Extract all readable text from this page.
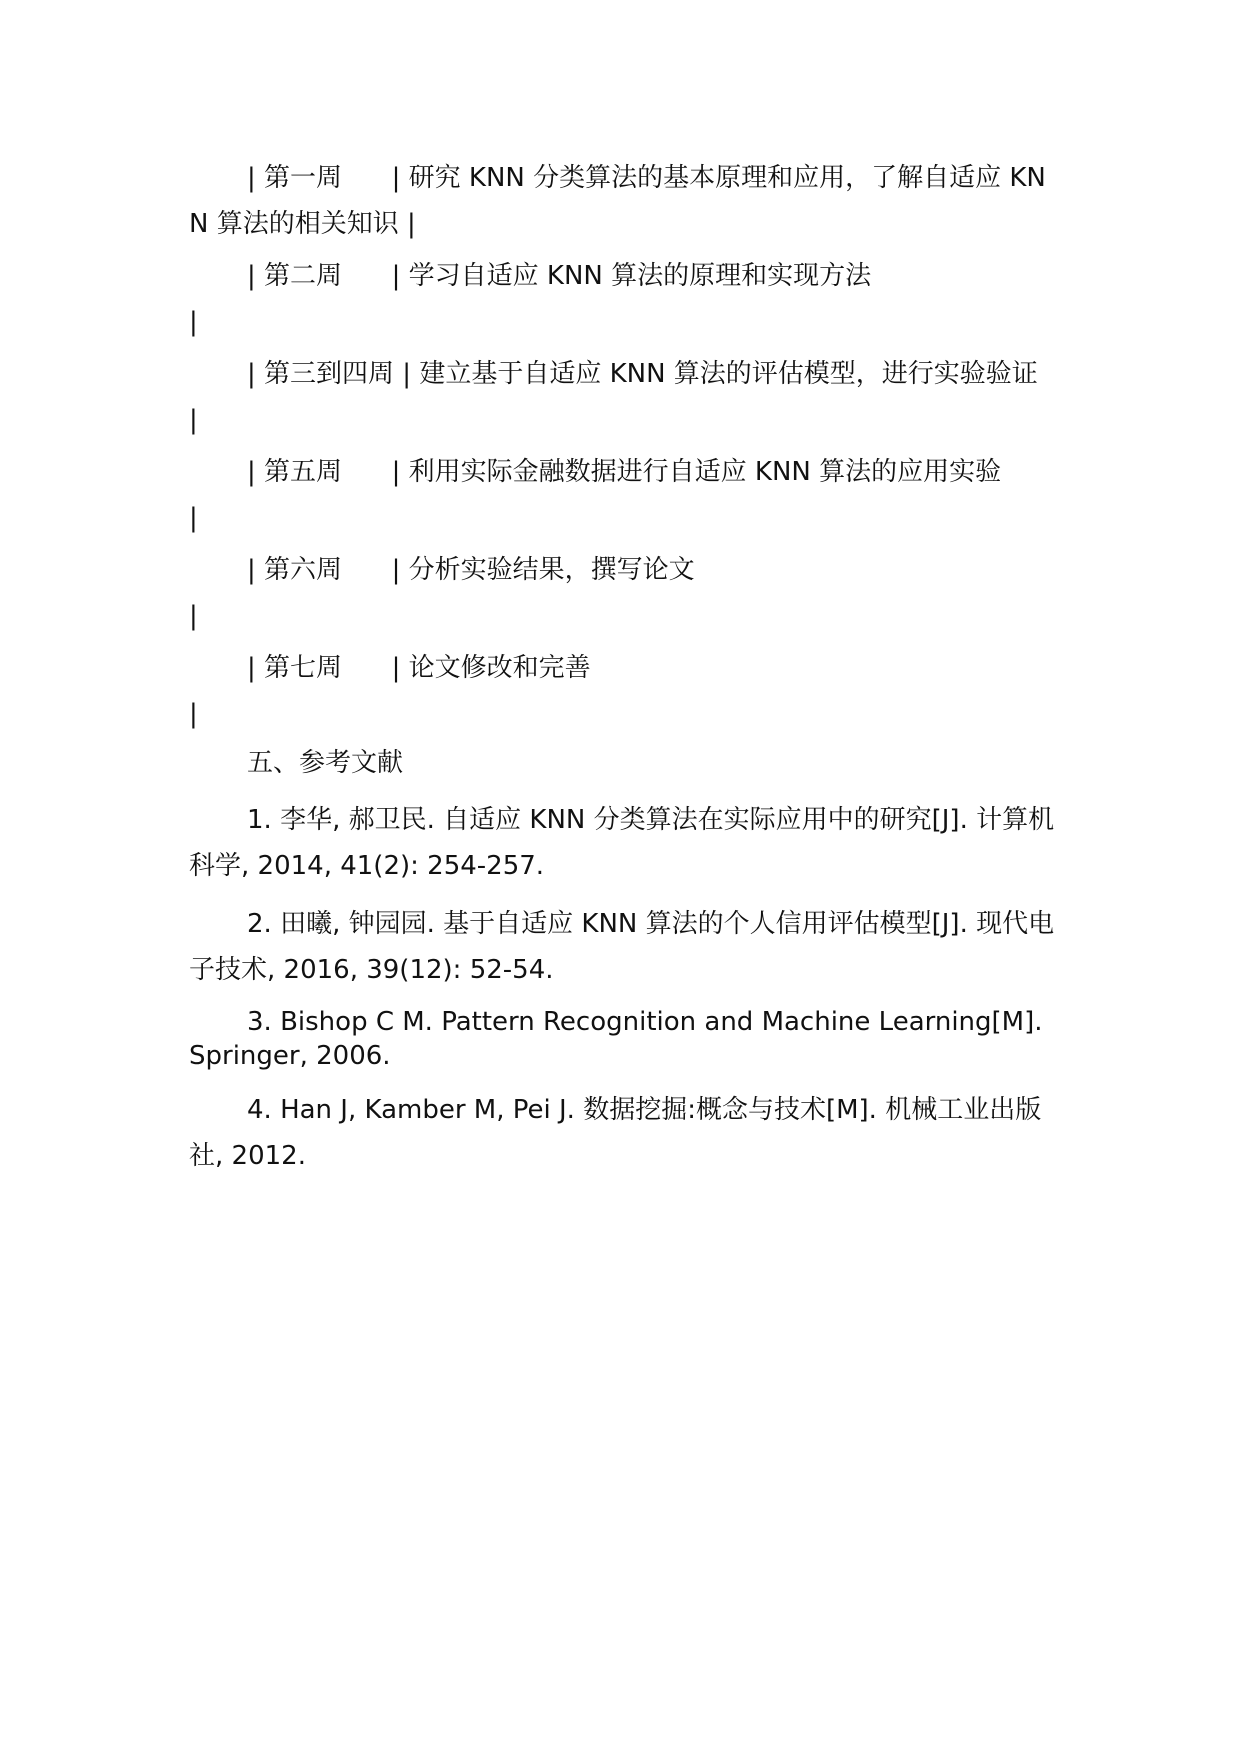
| 第一周      | 研究 KNN 分类算法的基本原理和应用，了解自适应 KNN 算法的相关知识 |

| 第二周      | 学习自适应 KNN 算法的原理和实现方法                                      |

| 第三到四周 | 建立基于自适应 KNN 算法的评估模型，进行实验验证                  |

| 第五周      | 利用实际金融数据进行自适应 KNN 算法的应用实验                        |

| 第六周      | 分析实验结果，撰写论文                                                    |

| 第七周      | 论文修改和完善                                                             |

五、参考文献

1. 李华, 郝卫民. 自适应 KNN 分类算法在实际应用中的研究[J]. 计算机科学, 2014, 41(2): 254-257.

2. 田曦, 钟园园. 基于自适应 KNN 算法的个人信用评估模型[J]. 现代电子技术, 2016, 39(12): 52-54.

3. Bishop C M. Pattern Recognition and Machine Learning[M]. Springer, 2006.

4. Han J, Kamber M, Pei J. 数据挖掘:概念与技术[M]. 机械工业出版社, 2012.
